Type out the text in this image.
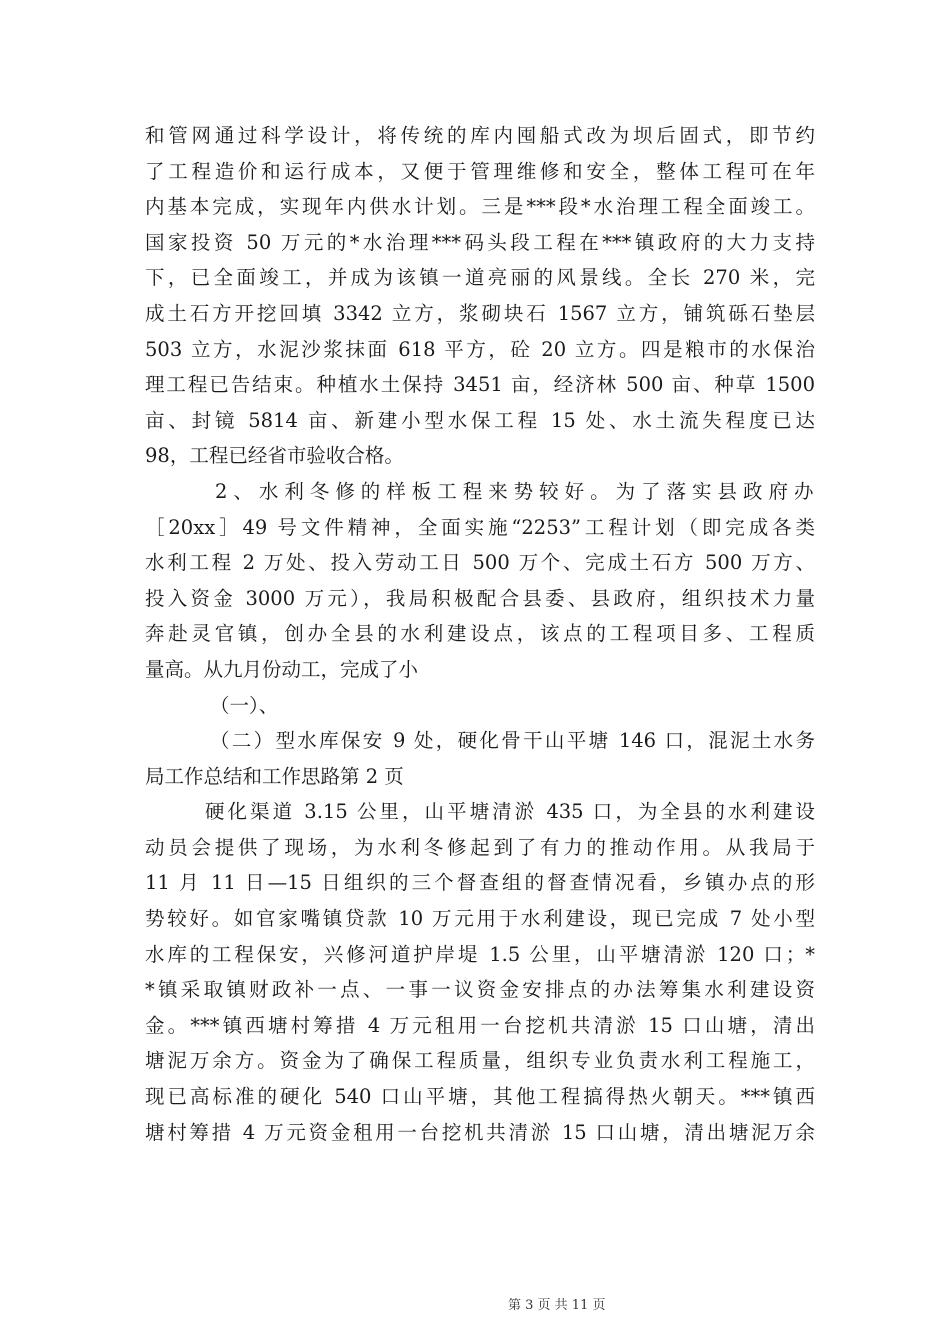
和管网通过科学设计，将传统的库内囤船式改为坝后固式，即节约
了工程造价和运行成本，又便于管理维修和安全，整体工程可在年
内基本完成，实现年内供水计划。三是***段*水治理工程全面竣工。
国家投资 50 万元的*水治理***码头段工程在***镇政府的大力支持
下，已全面竣工，并成为该镇一道亮丽的风景线。全长 270 米，完
成土石方开挖回填 3342 立方，浆砌块石 1567 立方，铺筑砾石垫层
503 立方，水泥沙浆抹面 618 平方，砼 20 立方。四是粮市的水保治
理工程已告结束。种植水土保持 3451 亩，经济林 500 亩、种草 1500
亩、封镜 5814 亩、新建小型水保工程 15 处、水土流失程度已达
98，工程已经省市验收合格。
2、水利冬修的样板工程来势较好。为了落实县政府办
［20xx］49 号文件精神，全面实施“2253”工程计划（即完成各类
水利工程 2 万处、投入劳动工日 500 万个、完成土石方 500 万方、
投入资金 3000 万元），我局积极配合县委、县政府，组织技术力量
奔赴灵官镇，创办全县的水利建设点，该点的工程项目多、工程质
量高。从九月份动工，完成了小
（一）、
（二）型水库保安 9 处，硬化骨干山平塘 146 口，混泥土水务
局工作总结和工作思路第 2 页
硬化渠道 3.15 公里，山平塘清淤 435 口，为全县的水利建设
动员会提供了现场，为水利冬修起到了有力的推动作用。从我局于
11 月 11 日—15 日组织的三个督查组的督查情况看，乡镇办点的形
势较好。如官家嘴镇贷款 10 万元用于水利建设，现已完成 7 处小型
水库的工程保安，兴修河道护岸堤 1.5 公里，山平塘清淤 120 口；*
*镇采取镇财政补一点、一事一议资金安排点的办法筹集水利建设资
金。***镇西塘村筹措 4 万元租用一台挖机共清淤 15 口山塘，清出
塘泥万余方。资金为了确保工程质量，组织专业负责水利工程施工，
现已高标准的硬化 540 口山平塘，其他工程搞得热火朝天。***镇西
塘村筹措 4 万元资金租用一台挖机共清淤 15 口山塘，清出塘泥万余
第 3 页 共 11 页
